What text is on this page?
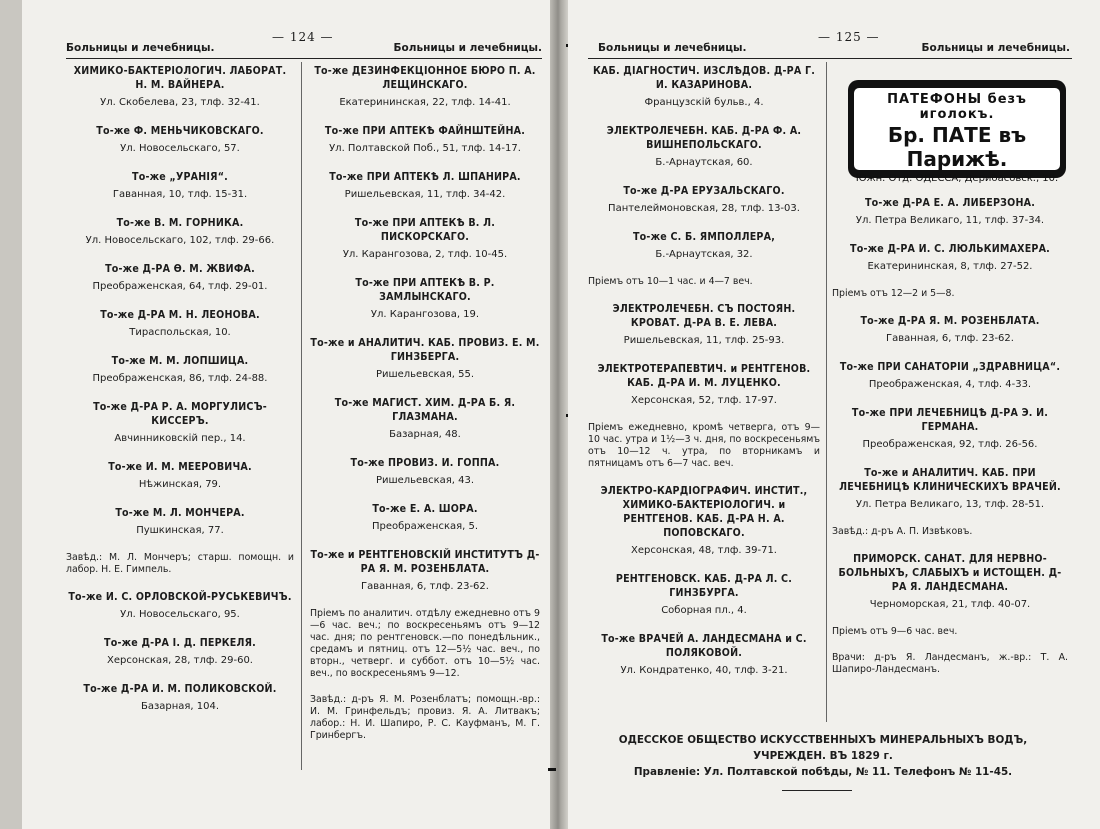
— 124 —
Больницы и лечебницы.	Больницы и лечебницы.
ХИМИКО-БАКТЕРІОЛОГИЧ. ЛАБОРАТ. Н. М. ВАЙНЕРА.
Ул. Скобелева, 23, тлф. 32-41.
То-же Ф. МЕНЬЧИКОВСКАГО.
Ул. Новосельскаго, 57.
То-же „УРАНІЯ“.
Гаванная, 10, тлф. 15-31.
То-же В. М. ГОРНИКА.
Ул. Новосельскаго, 102, тлф. 29-66.
То-же Д-РА Ѳ. М. ЖВИФА.
Преображенская, 64, тлф. 29-01.
То-же Д-РА М. Н. ЛЕОНОВА.
Тираспольская, 10.
То-же М. М. ЛОПШИЦА.
Преображенская, 86, тлф. 24-88.
То-же Д-РА Р. А. МОРГУЛИСЪ-КИССЕРЪ.
Авчинниковскій пер., 14.
То-же И. М. МЕЕРОВИЧА.
Нѣжинская, 79.
То-же М. Л. МОНЧЕРА.
Пушкинская, 77.
Завѣд.: М. Л. Мончеръ; старш. помощн. и лабор. Н. Е. Гимпель.
То-же И. С. ОРЛОВСКОЙ-РУСЬКЕВИЧЪ.
Ул. Новосельскаго, 95.
То-же Д-РА І. Д. ПЕРКЕЛЯ.
Херсонская, 28, тлф. 29-60.
То-же Д-РА И. М. ПОЛИКОВСКОЙ.
Базарная, 104.
То-же ДЕЗИНФЕКЦІОННОЕ БЮРО П. А. ЛЕЩИНСКАГО.
Екатерининская, 22, тлф. 14-41.
То-же ПРИ АПТЕКѢ ФАЙНШТЕЙНА.
Ул. Полтавской Поб., 51, тлф. 14-17.
То-же ПРИ АПТЕКѢ Л. ШПАНИРА.
Ришельевская, 11, тлф. 34-42.
То-же ПРИ АПТЕКѢ В. Л. ПИСКОРСКАГО.
Ул. Карангозова, 2, тлф. 10-45.
То-же ПРИ АПТЕКѢ В. Р. ЗАМЛЫНСКАГО.
Ул. Карангозова, 19.
То-же и АНАЛИТИЧ. КАБ. ПРОВИЗ. Е. М. ГИНЗБЕРГА.
Ришельевская, 55.
То-же МАГИСТ. ХИМ. Д-РА Б. Я. ГЛАЗМАНА.
Базарная, 48.
То-же ПРОВИЗ. И. ГОППА.
Ришельевская, 43.
То-же Е. А. ШОРА.
Преображенская, 5.
То-же и РЕНТГЕНОВСКІЙ ИНСТИТУТЪ Д-РА Я. М. РОЗЕНБЛАТА.
Гаванная, 6, тлф. 23-62.
Пріемъ по аналитич. отдѣлу ежедневно отъ 9—6 час. веч.; по воскресеньямъ отъ 9—12 час. дня; по рентгеновск.—по понедѣльник., средамъ и пятниц. отъ 12—5½ час. веч., по вторн., четверг. и суббот. отъ 10—5½ час. веч., по воскресеньямъ 9—12.
Завѣд.: д-ръ Я. М. Розенблатъ; помощн.-вр.: И. М. Гринфельдъ; провиз. Я. А. Литвакъ; лабор.: Н. И. Шапиро, Р. С. Кауфманъ, М. Г. Гринбергъ.
— 125 —
Больницы и лечебницы.	Больницы и лечебницы.
КАБ. ДІАГНОСТИЧ. ИЗСЛѢДОВ. Д-РА Г. И. КАЗАРИНОВА.
Французскій бульв., 4.
ЭЛЕКТРОЛЕЧЕБН. КАБ. Д-РА Ф. А. ВИШНЕПОЛЬСКАГО.
Б.-Арнаутская, 60.
То-же Д-РА ЕРУЗАЛЬСКАГО.
Пантелеймоновская, 28, тлф. 13-03.
То-же С. Б. ЯМПОЛЛЕРА,
Б.-Арнаутская, 32.
Пріемъ отъ 10—1 час. и 4—7 веч.
ЭЛЕКТРОЛЕЧЕБН. СЪ ПОСТОЯН. КРОВАТ. Д-РА В. Е. ЛЕВА.
Ришельевская, 11, тлф. 25-93.
ЭЛЕКТРОТЕРАПЕВТИЧ. и РЕНТГЕНОВ. КАБ. Д-РА И. М. ЛУЦЕНКО.
Херсонская, 52, тлф. 17-97.
Пріемъ ежедневно, кромѣ четверга, отъ 9—10 час. утра и 1½—3 ч. дня, по воскресеньямъ отъ 10—12 ч. утра, по вторникамъ и пятницамъ отъ 6—7 час. веч.
ЭЛЕКТРО-КАРДІОГРАФИЧ. ИНСТИТ., ХИМИКО-БАКТЕРІОЛОГИЧ. и РЕНТГЕНОВ. КАБ. Д-РА Н. А. ПОПОВСКАГО.
Херсонская, 48, тлф. 39-71.
РЕНТГЕНОВСК. КАБ. Д-РА Л. С. ГИНЗБУРГА.
Соборная пл., 4.
То-же ВРАЧЕЙ А. ЛАНДЕСМАНА и С. ПОЛЯКОВОЙ.
Ул. Кондратенко, 40, тлф. 3-21.
То-же Д-РА Е. А. ЛИБЕРЗОНА.
Ул. Петра Великаго, 11, тлф. 37-34.
То-же Д-РА И. С. ЛЮЛЬКИМАХЕРА.
Екатерининская, 8, тлф. 27-52.
Пріемъ отъ 12—2 и 5—8.
То-же Д-РА Я. М. РОЗЕНБЛАТА.
Гаванная, 6, тлф. 23-62.
То-же ПРИ САНАТОРІИ „ЗДРАВНИЦА“.
Преображенская, 4, тлф. 4-33.
То-же ПРИ ЛЕЧЕБНИЦѢ Д-РА Э. И. ГЕРМАНА.
Преображенская, 92, тлф. 26-56.
То-же и АНАЛИТИЧ. КАБ. ПРИ ЛЕЧЕБНИЦѢ КЛИНИЧЕСКИХЪ ВРАЧЕЙ.
Ул. Петра Великаго, 13, тлф. 28-51.
Завѣд.: д-ръ А. П. Извѣковъ.
ПРИМОРСК. САНАТ. ДЛЯ НЕРВНО-БОЛЬНЫХЪ, СЛАБЫХЪ и ИСТОЩЕН. Д-РА Я. ЛАНДЕСМАНА.
Черноморская, 21, тлф. 40-07.
Пріемъ отъ 9—6 час. веч.
Врачи: д-ръ Я. Ландесманъ, ж.-вр.: Т. А. Шапиро-Ландесманъ.
ПАТЕФОНЫ безъ иголокъ.
Бр. ПАТЕ въ Парижѣ.
Южн. Отд. ОДЕССА, Дерибасовск., 10.
ОДЕССКОЕ ОБЩЕСТВО ИСКУССТВЕННЫХЪ МИНЕРАЛЬНЫХЪ ВОДЪ, УЧРЕЖДЕН. ВЪ 1829 г.
Правленіе: Ул. Полтавской побѣды, № 11. Телефонъ № 11-45.
